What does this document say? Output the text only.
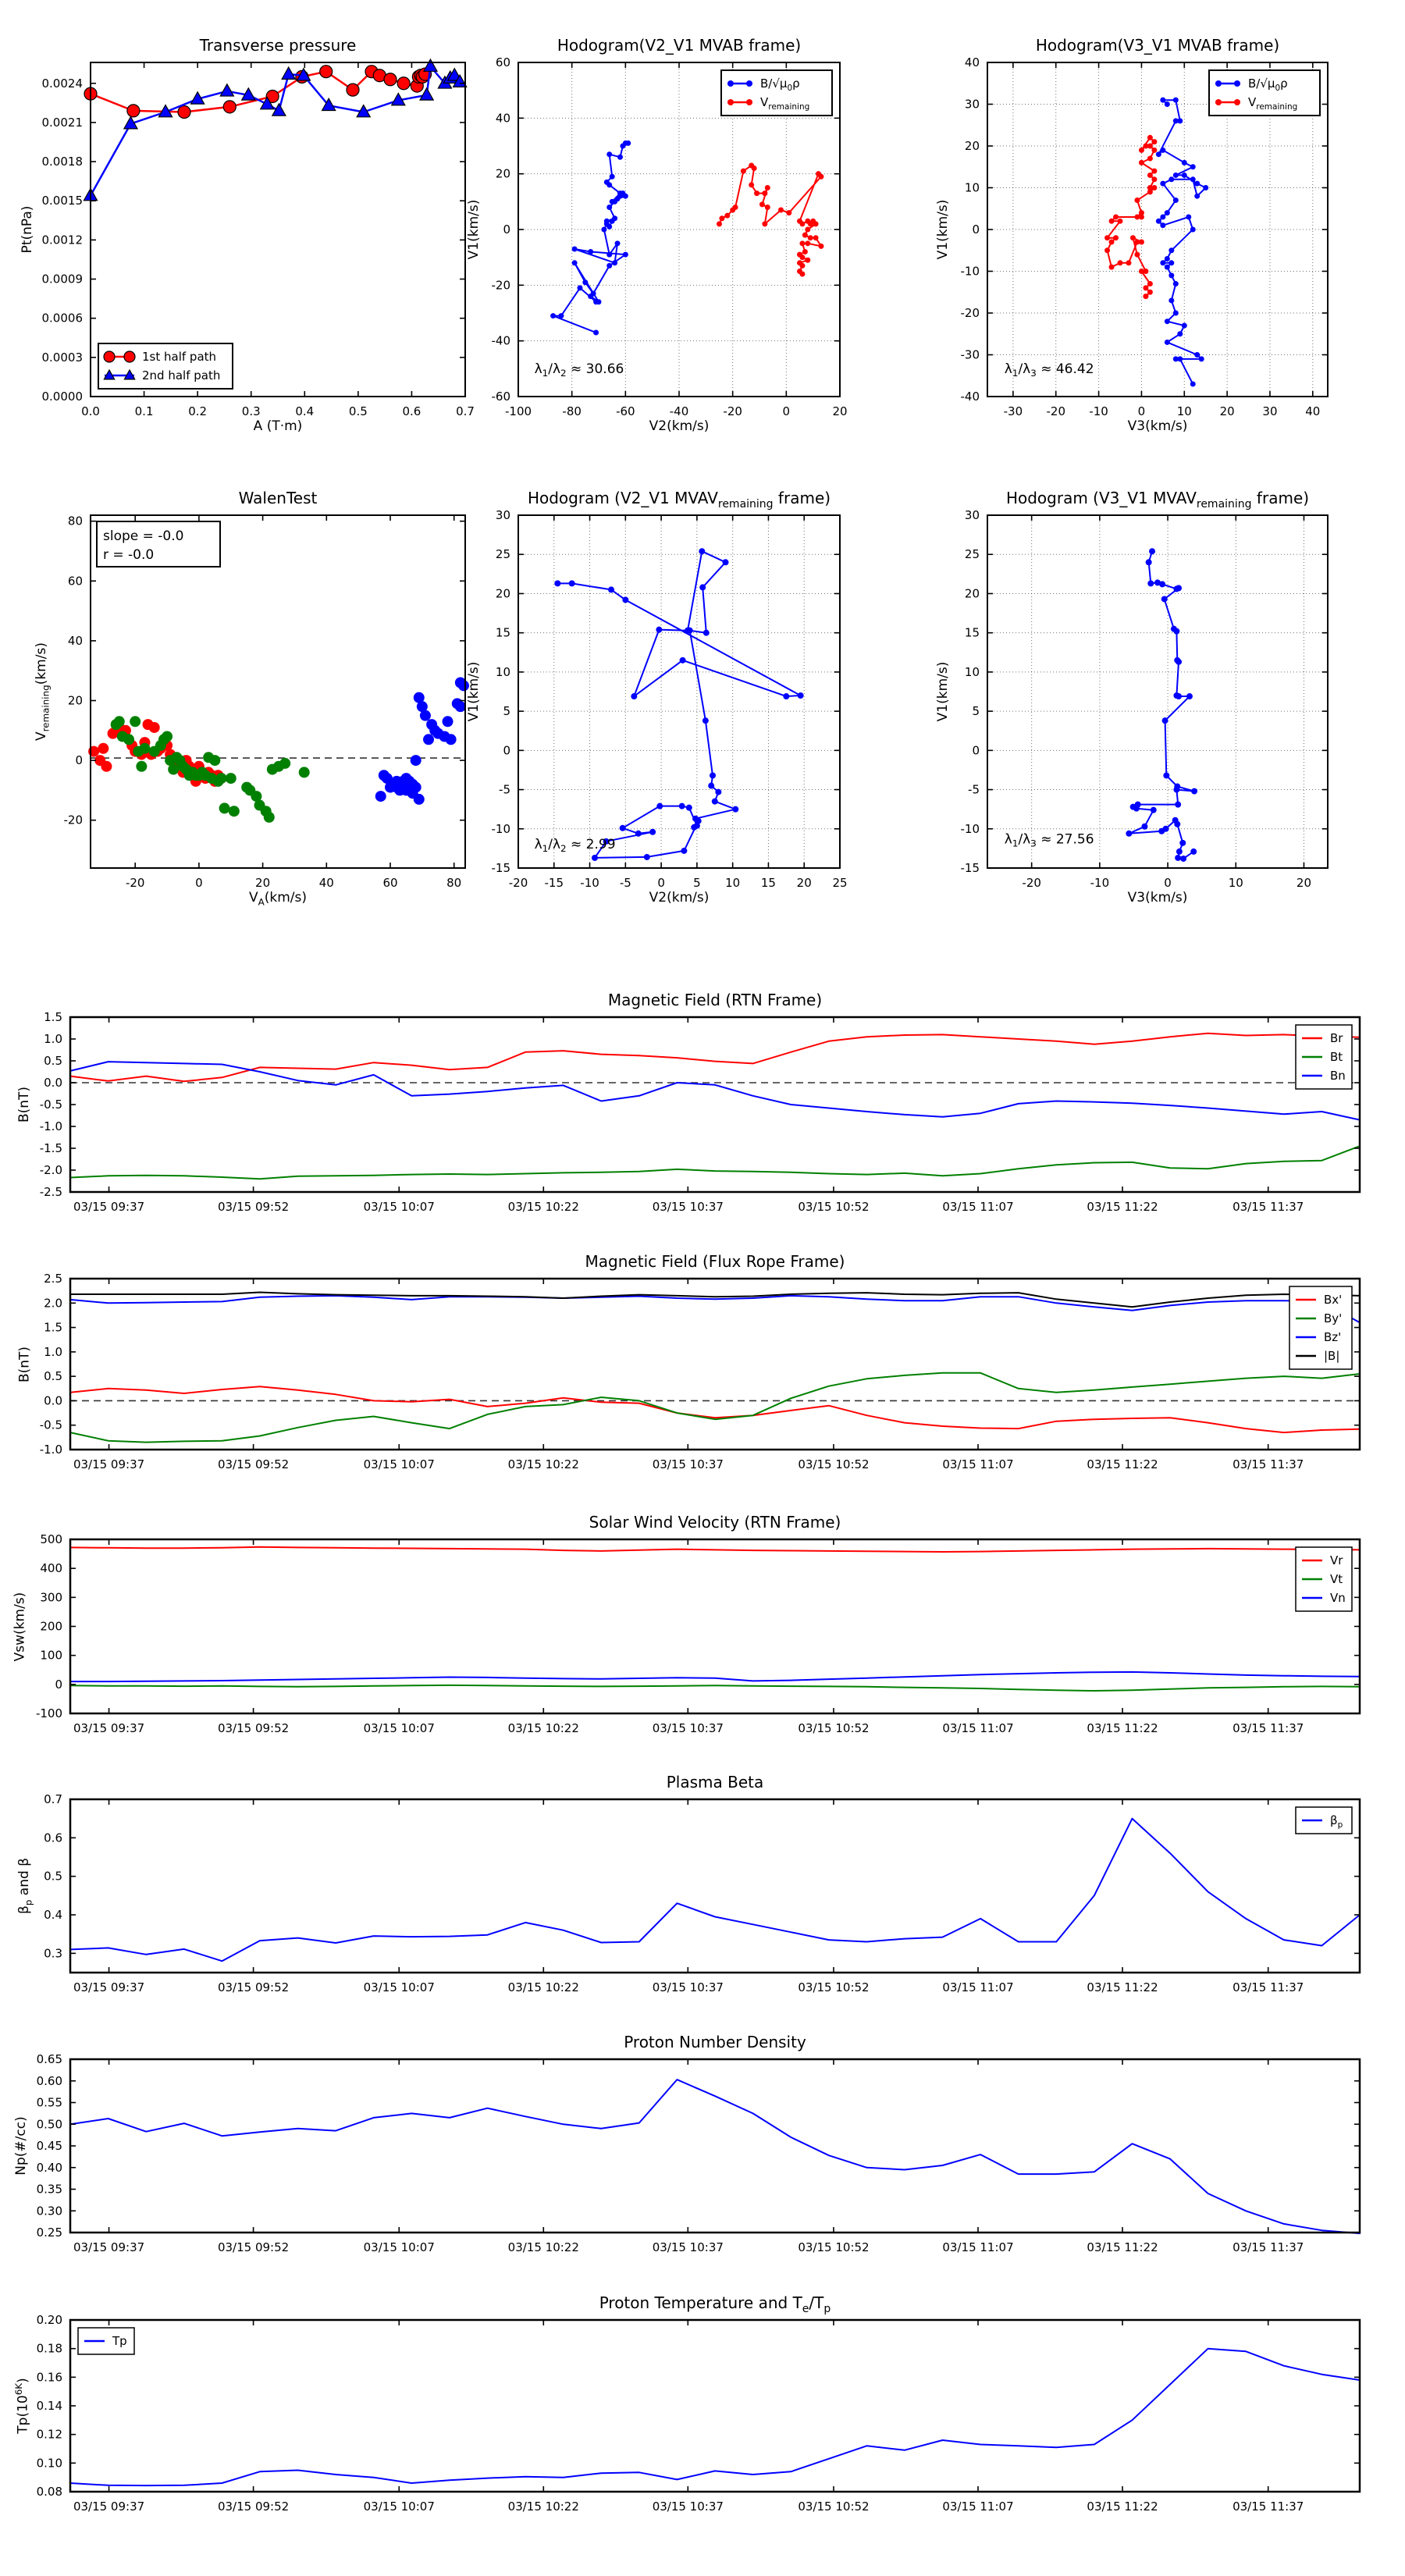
Transverse pressure
A (T·m)
Pt(nPa)
0.0	0.1	0.2	0.3	0.4	0.5	0.6	0.7
0.0000
0.0003
0.0006
0.0009
0.0012
0.0015
0.0018
0.0021
0.0024
1st half path
2nd half path
Hodogram(V2_V1 MVAB frame)
V2(km/s)
V1(km/s)
-100	-80	-60	-40	-20	0	20
-60
-40
-20
0
20
40
60
$B/√\mu_0\rho$
$V_{remaining}$
$\lambda_1/\lambda_2 \approx 30.66$
Hodogram(V3_V1 MVAB frame)
V3(km/s)
V1(km/s)
-30 -20 -10	0	10 20 30 40
-40
-30
-20
-10
0
10
20
30
40
$B/√\mu_0\rho$
$V_{remaining}$
$\lambda_1/\lambda_3 \approx 46.42$
WalenTest
$V_A(km/s)$
$V_{remaining}(km/s)$
-20	0	20	40	60	80
-20
0
20
40
60
80
slope = -0.0
r = -0.0
Hodogram (V2_V1 $MVAV_{remaining}$ frame)
V2(km/s)
V1(km/s)
-20 -15 -10 -5 0 5 10 15 20 25
-15
-10
-5
0
5
10
15
20
25
30
$\lambda_1/\lambda_2 \approx 2.99$
Hodogram (V3_V1 $MVAV_{remaining}$ frame)
V3(km/s)
V1(km/s)
-20	-10	0	10	20
-15
-10
-5
0
5
10
15
20
25
30
$\lambda_1/\lambda_3 \approx 27.56$
Magnetic Field (RTN Frame)
B(nT)
03/15 09:37	03/15 09:52	03/15 10:07	03/15 10:22	03/15 10:37	03/15 10:52	03/15 11:07	03/15 11:22	03/15 11:37
1.5
1.0
0.5
0.0
-0.5
-1.0
-1.5
-2.0
-2.5
Br
Bt
Bn
Magnetic Field (Flux Rope Frame)
B(nT)
03/15 09:37	03/15 09:52	03/15 10:07	03/15 10:22	03/15 10:37	03/15 10:52	03/15 11:07	03/15 11:22	03/15 11:37
2.5
2.0
1.5
1.0
0.5
0.0
-0.5
-1.0
Bx'
By'
Bz'
|B|
Solar Wind Velocity (RTN Frame)
Vsw(km/s)
03/15 09:37	03/15 09:52	03/15 10:07	03/15 10:22	03/15 10:37	03/15 10:52	03/15 11:07	03/15 11:22	03/15 11:37
500
400
300
200
100
0
-100
Vr
Vt
Vn
Plasma Beta
$\beta_p$ and β
03/15 09:37	03/15 09:52	03/15 10:07	03/15 10:22	03/15 10:37	03/15 10:52	03/15 11:07	03/15 11:22	03/15 11:37
0.7
0.6
0.5
0.4
0.3
$\beta_p$
Proton Number Density
Np(#/cc)
03/15 09:37	03/15 09:52	03/15 10:07	03/15 10:22	03/15 10:37	03/15 10:52	03/15 11:07	03/15 11:22	03/15 11:37
0.65
0.60
0.55
0.50
0.45
0.40
0.35
0.30
0.25
Proton Temperature and $T_e/T_p$
$Tp(10^{6K})$
03/15 09:37	03/15 09:52	03/15 10:07	03/15 10:22	03/15 10:37	03/15 10:52	03/15 11:07	03/15 11:22	03/15 11:37
0.20
0.18
0.16
0.14
0.12
0.10
0.08
Tp
